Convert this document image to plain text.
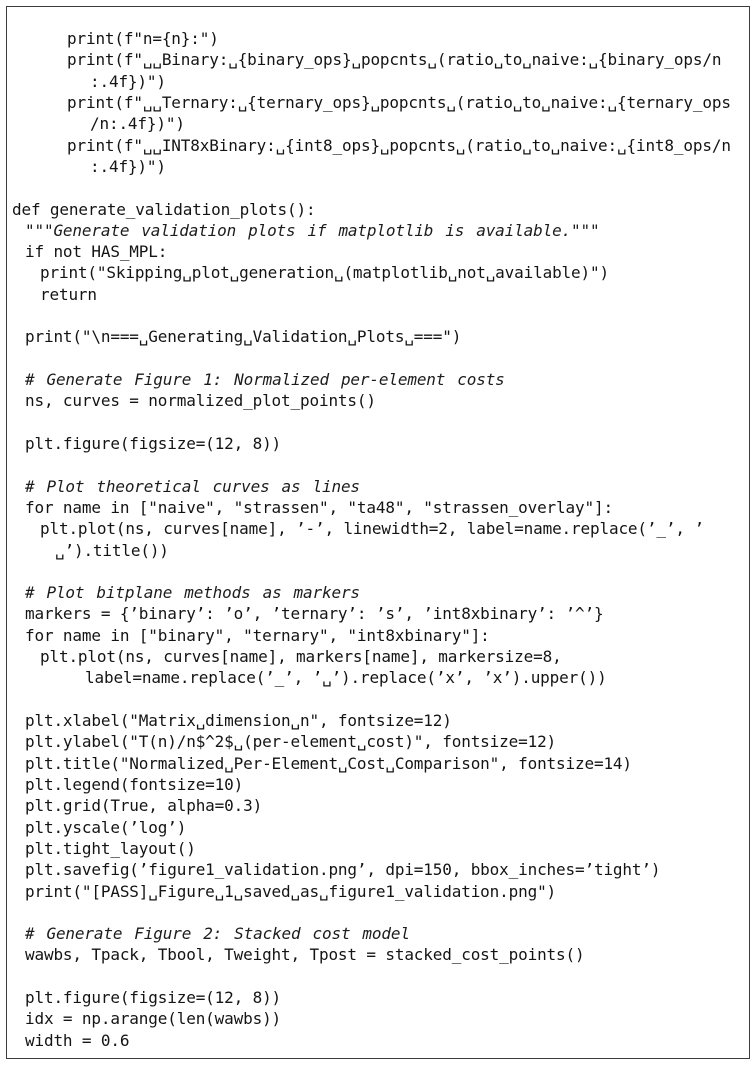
print(f"n={n}:")
print(f"␣␣Binary:␣{binary_ops}␣popcnts␣(ratio␣to␣naive:␣{binary_ops/n
:.4f})")
print(f"␣␣Ternary:␣{ternary_ops}␣popcnts␣(ratio␣to␣naive:␣{ternary_ops
/n:.4f})")
print(f"␣␣INT8xBinary:␣{int8_ops}␣popcnts␣(ratio␣to␣naive:␣{int8_ops/n
:.4f})")
def generate_validation_plots():
"""Generate validation plots if matplotlib is available."""
if not HAS_MPL:
print("Skipping␣plot␣generation␣(matplotlib␣not␣available)")
return
print("\n===␣Generating␣Validation␣Plots␣===")
# Generate Figure 1: Normalized per-element costs
ns, curves = normalized_plot_points()
plt.figure(figsize=(12, 8))
# Plot theoretical curves as lines
for name in ["naive", "strassen", "ta48", "strassen_overlay"]:
plt.plot(ns, curves[name], ’-’, linewidth=2, label=name.replace(’_’, ’
␣’).title())
# Plot bitplane methods as markers
markers = {’binary’: ’o’, ’ternary’: ’s’, ’int8xbinary’: ’^’}
for name in ["binary", "ternary", "int8xbinary"]:
plt.plot(ns, curves[name], markers[name], markersize=8,
label=name.replace(’_’, ’␣’).replace(’x’, ’x’).upper())
plt.xlabel("Matrix␣dimension␣n", fontsize=12)
plt.ylabel("T(n)/n$^2$␣(per-element␣cost)", fontsize=12)
plt.title("Normalized␣Per-Element␣Cost␣Comparison", fontsize=14)
plt.legend(fontsize=10)
plt.grid(True, alpha=0.3)
plt.yscale(’log’)
plt.tight_layout()
plt.savefig(’figure1_validation.png’, dpi=150, bbox_inches=’tight’)
print("[PASS]␣Figure␣1␣saved␣as␣figure1_validation.png")
# Generate Figure 2: Stacked cost model
wawbs, Tpack, Tbool, Tweight, Tpost = stacked_cost_points()
plt.figure(figsize=(12, 8))
idx = np.arange(len(wawbs))
width = 0.6
